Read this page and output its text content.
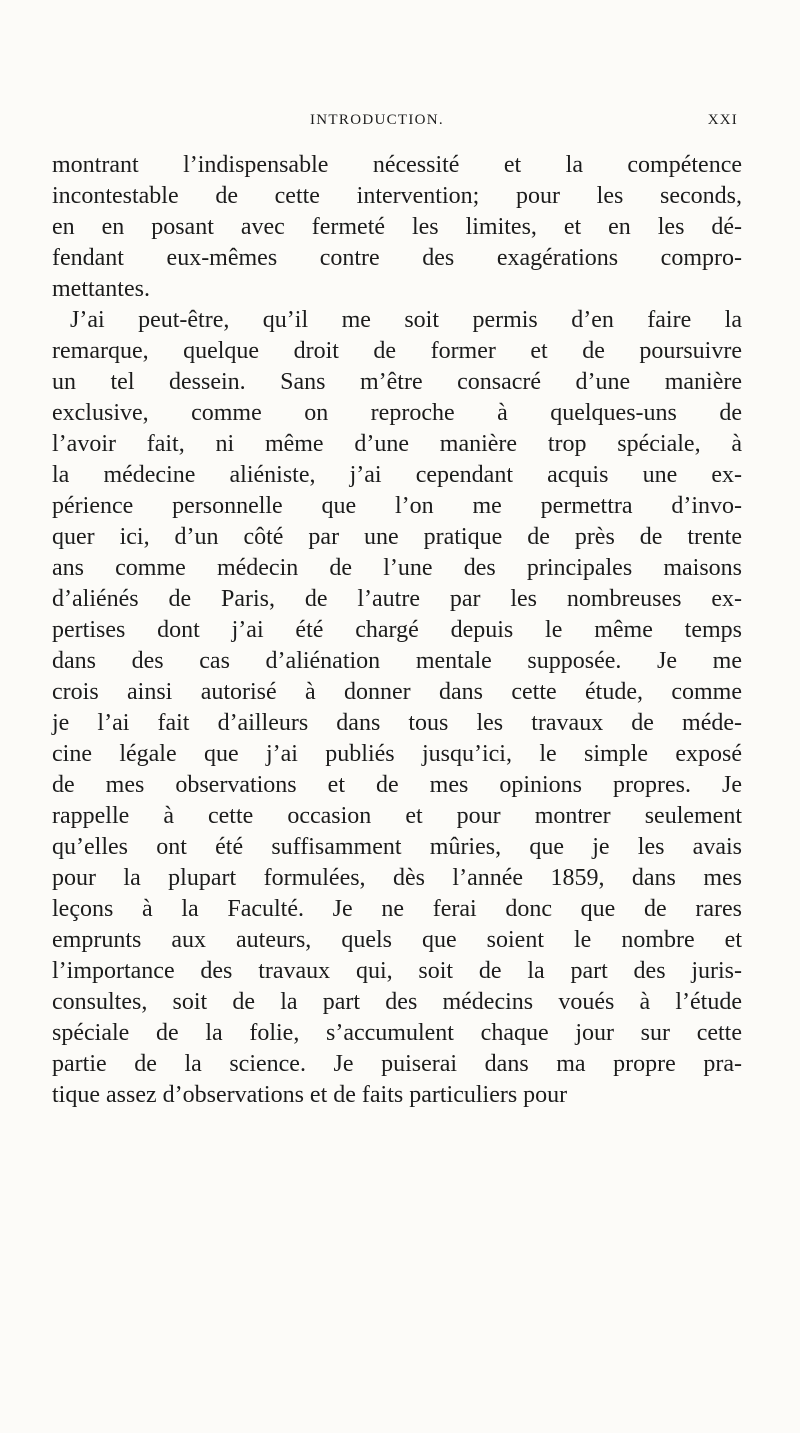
INTRODUCTION.	XXI
montrant l’indispensable nécessité et la compétence
incontestable de cette intervention; pour les seconds,
en en posant avec fermeté les limites, et en les dé-
fendant eux-mêmes contre des exagérations compro-
mettantes.
J’ai peut-être, qu’il me soit permis d’en faire la
remarque, quelque droit de former et de poursuivre
un tel dessein. Sans m’être consacré d’une manière
exclusive, comme on reproche à quelques-uns de
l’avoir fait, ni même d’une manière trop spéciale, à
la médecine aliéniste, j’ai cependant acquis une ex-
périence personnelle que l’on me permettra d’invo-
quer ici, d’un côté par une pratique de près de trente
ans comme médecin de l’une des principales maisons
d’aliénés de Paris, de l’autre par les nombreuses ex-
pertises dont j’ai été chargé depuis le même temps
dans des cas d’aliénation mentale supposée. Je me
crois ainsi autorisé à donner dans cette étude, comme
je l’ai fait d’ailleurs dans tous les travaux de méde-
cine légale que j’ai publiés jusqu’ici, le simple exposé
de mes observations et de mes opinions propres. Je
rappelle à cette occasion et pour montrer seulement
qu’elles ont été suffisamment mûries, que je les avais
pour la plupart formulées, dès l’année 1859, dans mes
leçons à la Faculté. Je ne ferai donc que de rares
emprunts aux auteurs, quels que soient le nombre et
l’importance des travaux qui, soit de la part des juris-
consultes, soit de la part des médecins voués à l’étude
spéciale de la folie, s’accumulent chaque jour sur cette
partie de la science. Je puiserai dans ma propre pra-
tique assez d’observations et de faits particuliers pour
